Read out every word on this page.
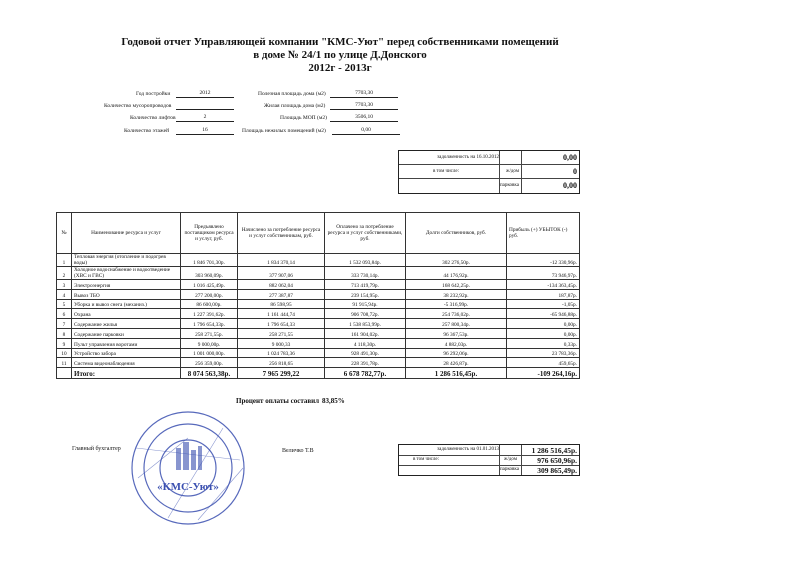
Годовой отчет Управляющей компании "КМС-Уют" перед собственниками помещений
в доме № 24/1 по улице Д.Донского
2012г - 2013г
Год постройки	2012
Количество мусоропроводов
Количество лифтов	2
Количество этажей	16
Полезная площадь дома (м2)	7703,30
Жилая площадь дома (м2)	7703,30
Площадь МОП (м2)	3506,10
Площадь нежилых помещений (м2)	0,00
задолженность на 16.10.2012	0,00
в том числе:	ж/дом	0
парковка	0,00
№	Наименование ресурса и услуг	Предъявлено поставщиком ресурса и услуг, руб.	Начислено за потребление ресурса и услуг собственникам, руб.	Оплачено за потребление ресурса и услуг собственниками, руб.	Долги собственников, руб.	Прибыль (+) УБЫТОК (-) руб.
1	Тепловая энергия (отопление и подогрев воды)	1 846 701,30р.	1 834 370,14	1 532 093,84р.	302 276,50р.	-12 330,96р.
2	Холодное водоснабжение и водоотведение (ХВС и ГВС)	303 960,09р.	377 907,06	333 730,14р.	44 176,92р.	73 946,97р.
3	Электроэнергия	1 016 425,49р.	882 062,04	713 419,79р.	168 642,25р.	-134 363,45р.
4	Вывоз ТБО	277 200,00р.	277 387,87	239 154,95р.	38 232,92р.	187,87р.
5	Уборка и вывоз снега (механиз.)	86 600,00р.	86 598,95	91 915,94р.	-5 316,99р.	-1,05р.
6	Охрана	1 227 391,62р.	1 161 444,74	906 708,72р.	254 736,02р.	-65 946,88р.
7	Содержание жилья	1 796 654,33р.	1 796 654,33	1 538 853,99р.	257 800,34р.	0,00р.
8	Содержание парковки	258 271,55р.	258 271,55	161 904,02р.	96 367,53р.	0,00р.
9	Пульт управления воротами	9 000,00р.	9 000,33	4 118,30р.	4 882,03р.	0,33р.
10	Устройство забора	1 001 000,00р.	1 024 783,36	928 491,30р.	96 292,06р.	23 783,36р.
11	Система видеонаблюдения	256 359,00р.	256 818,65	228 391,78р.	28 426,87р.	459,65р.
	Итого:	8 074 563,38р.	7 965 299,22	6 678 782,77р.	1 286 516,45р.	-109 264,16р.
Процент оплаты составил 83,85%
задолженность на 01.01.2013	1 286 516,45р.
в том числе:	ж/дом	976 650,96р.
парковка 309 865,49р.
Главный бухгалтер	Величко Т.В
«КМС-Уют»
